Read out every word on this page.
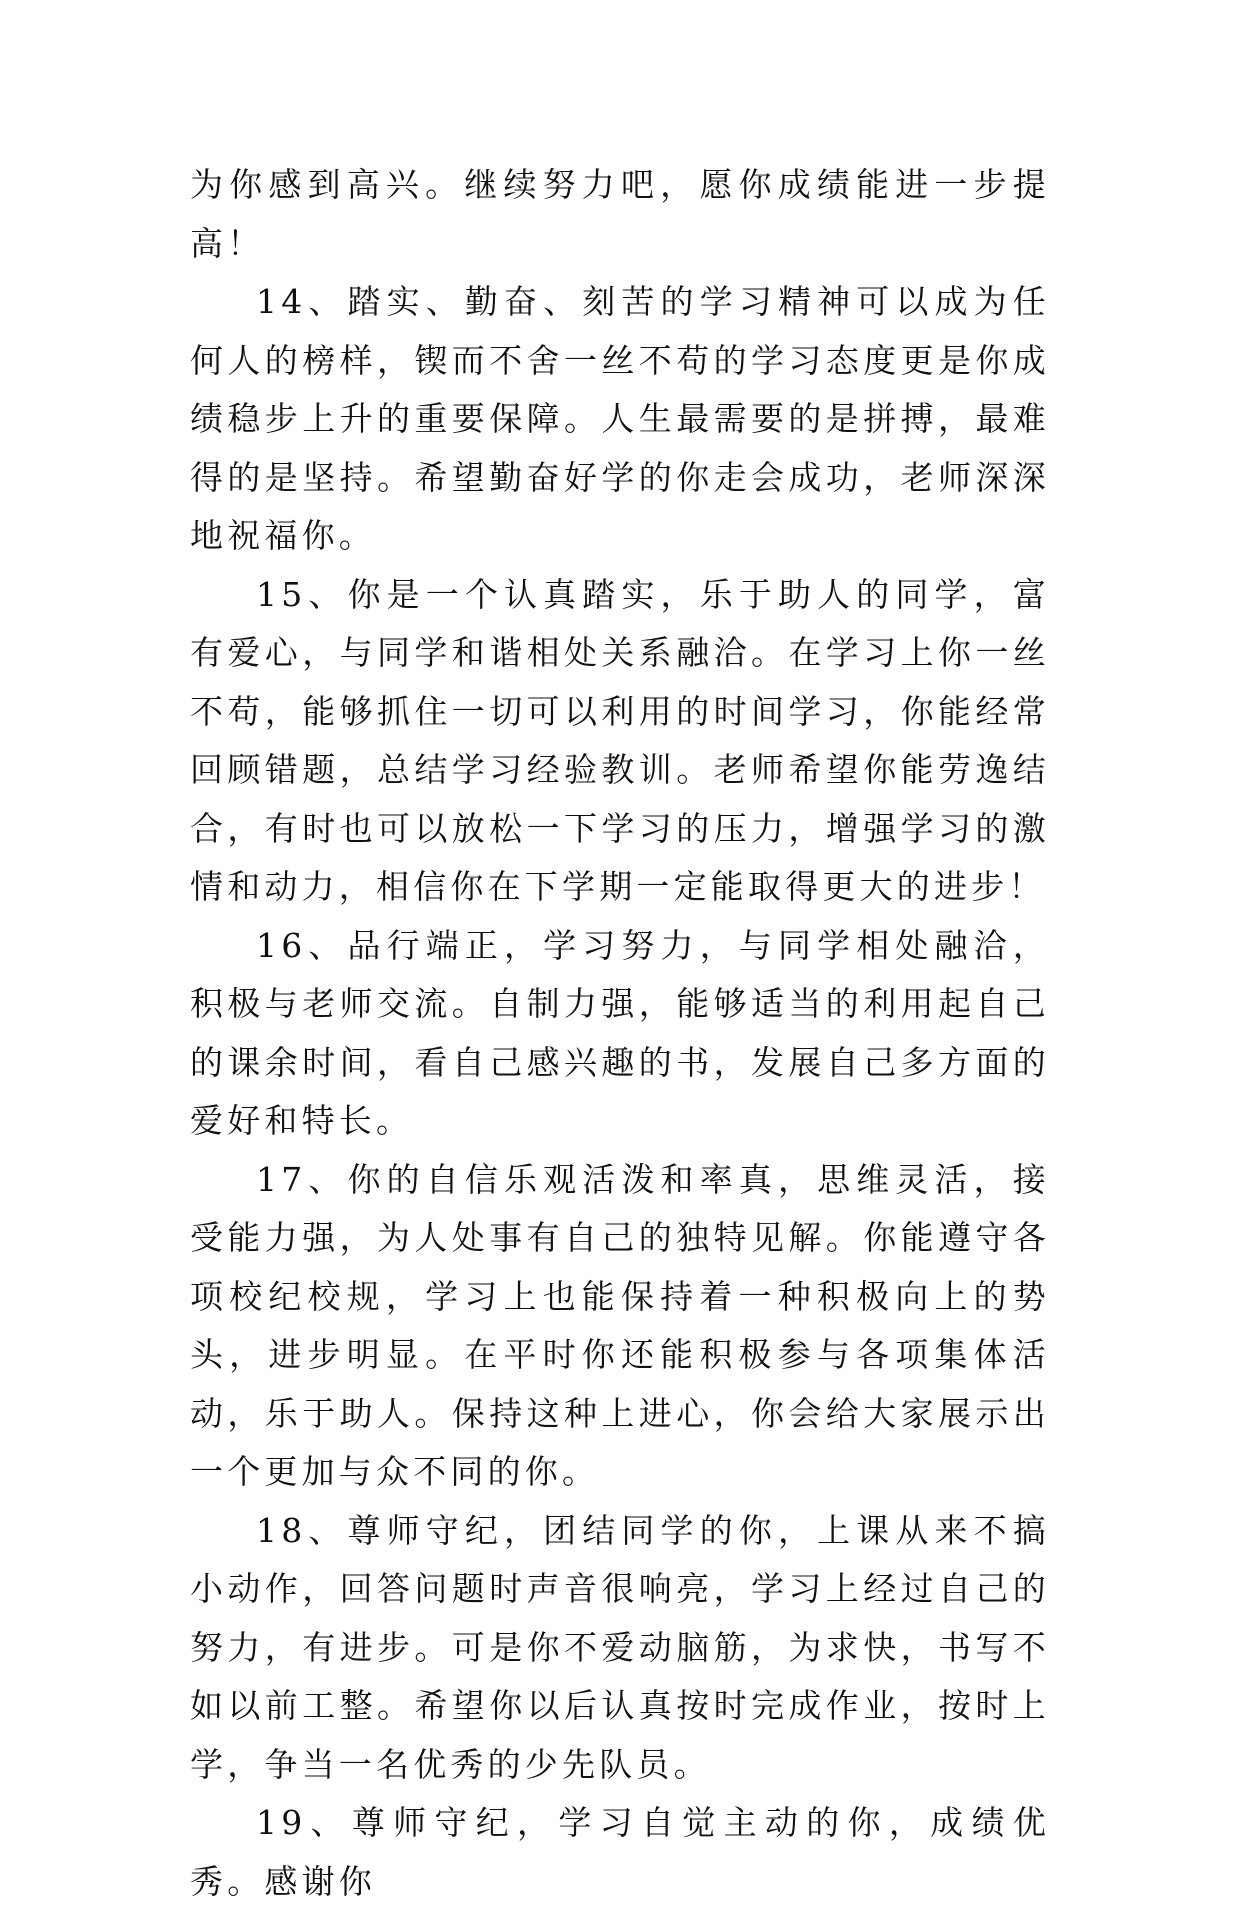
为你感到高兴。继续努力吧，愿你成绩能进一步提高！

14、踏实、勤奋、刻苦的学习精神可以成为任何人的榜样，锲而不舍一丝不苟的学习态度更是你成绩稳步上升的重要保障。人生最需要的是拼搏，最难得的是坚持。希望勤奋好学的你走会成功，老师深深地祝福你。

15、你是一个认真踏实，乐于助人的同学，富有爱心，与同学和谐相处关系融洽。在学习上你一丝不苟，能够抓住一切可以利用的时间学习，你能经常回顾错题，总结学习经验教训。老师希望你能劳逸结合，有时也可以放松一下学习的压力，增强学习的激情和动力，相信你在下学期一定能取得更大的进步！

16、品行端正，学习努力，与同学相处融洽，积极与老师交流。自制力强，能够适当的利用起自己的课余时间，看自己感兴趣的书，发展自己多方面的爱好和特长。

17、你的自信乐观活泼和率真，思维灵活，接受能力强，为人处事有自己的独特见解。你能遵守各项校纪校规，学习上也能保持着一种积极向上的势头，进步明显。在平时你还能积极参与各项集体活动，乐于助人。保持这种上进心，你会给大家展示出一个更加与众不同的你。

18、尊师守纪，团结同学的你，上课从来不搞小动作，回答问题时声音很响亮，学习上经过自己的努力，有进步。可是你不爱动脑筋，为求快，书写不如以前工整。希望你以后认真按时完成作业，按时上学，争当一名优秀的少先队员。

19、尊师守纪，学习自觉主动的你，成绩优秀。感谢你
